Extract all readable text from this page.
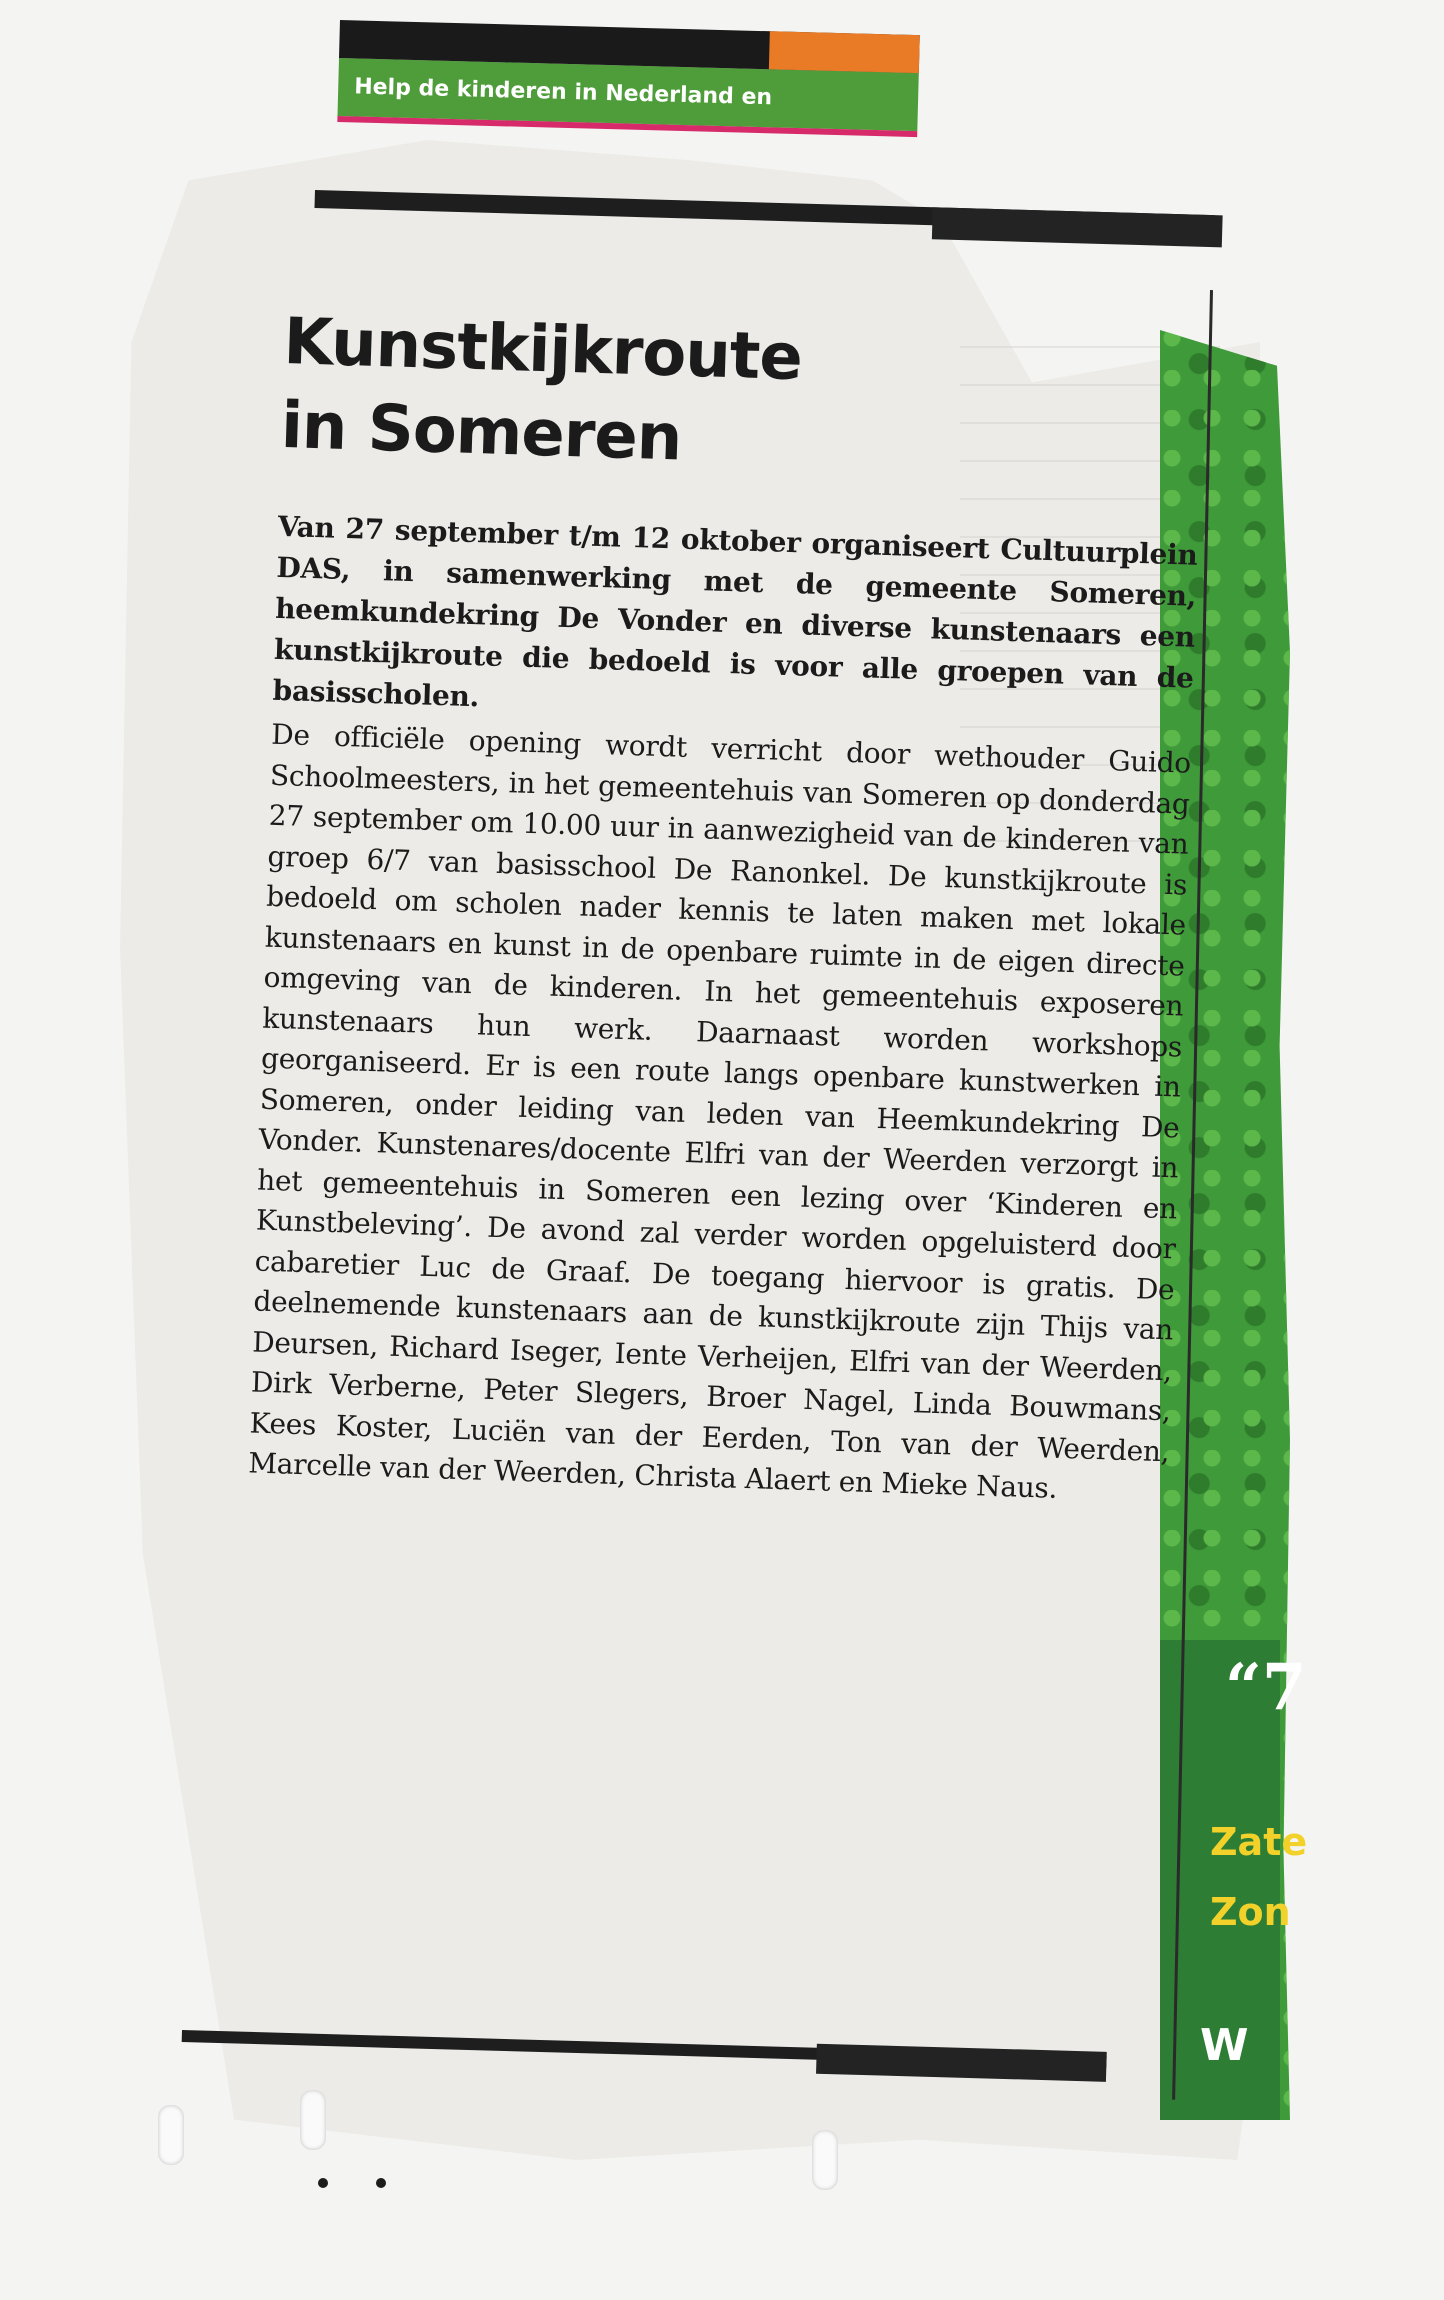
Help de kinderen in Nederland en
“7
Zate
Zon
W
Kunstkijkroute
in Someren

Van 27 september t/m 12 oktober organiseert Cultuurplein DAS, in samenwerking met de gemeente Someren, heemkundekring De Vonder en diverse kunstenaars een kunstkijkroute die bedoeld is voor alle groepen van de basisscholen.

De officiële opening wordt verricht door wethouder Guido Schoolmeesters, in het gemeentehuis van Someren op donderdag 27 september om 10.00 uur in aanwezigheid van de kinderen van groep 6/7 van basisschool De Ranonkel. De kunstkijkroute is bedoeld om scholen nader kennis te laten maken met lokale kunstenaars en kunst in de openbare ruimte in de eigen directe omgeving van de kinderen. In het gemeentehuis exposeren kunstenaars hun werk. Daarnaast worden workshops georganiseerd. Er is een route langs openbare kunstwerken in Someren, onder leiding van leden van Heemkundekring De Vonder. Kunstenares/docente Elfri van der Weerden verzorgt in het gemeentehuis in Someren een lezing over ‘Kinderen en Kunstbeleving’. De avond zal verder worden opgeluisterd door cabaretier Luc de Graaf. De toegang hiervoor is gratis. De deelnemende kunstenaars aan de kunstkijkroute zijn Thijs van Deursen, Richard Iseger, Iente Verheijen, Elfri van der Weerden, Dirk Verberne, Peter Slegers, Broer Nagel, Linda Bouwmans, Kees Koster, Luciën van der Eerden, Ton van der Weerden, Marcelle van der Weerden, Christa Alaert en Mieke Naus.
